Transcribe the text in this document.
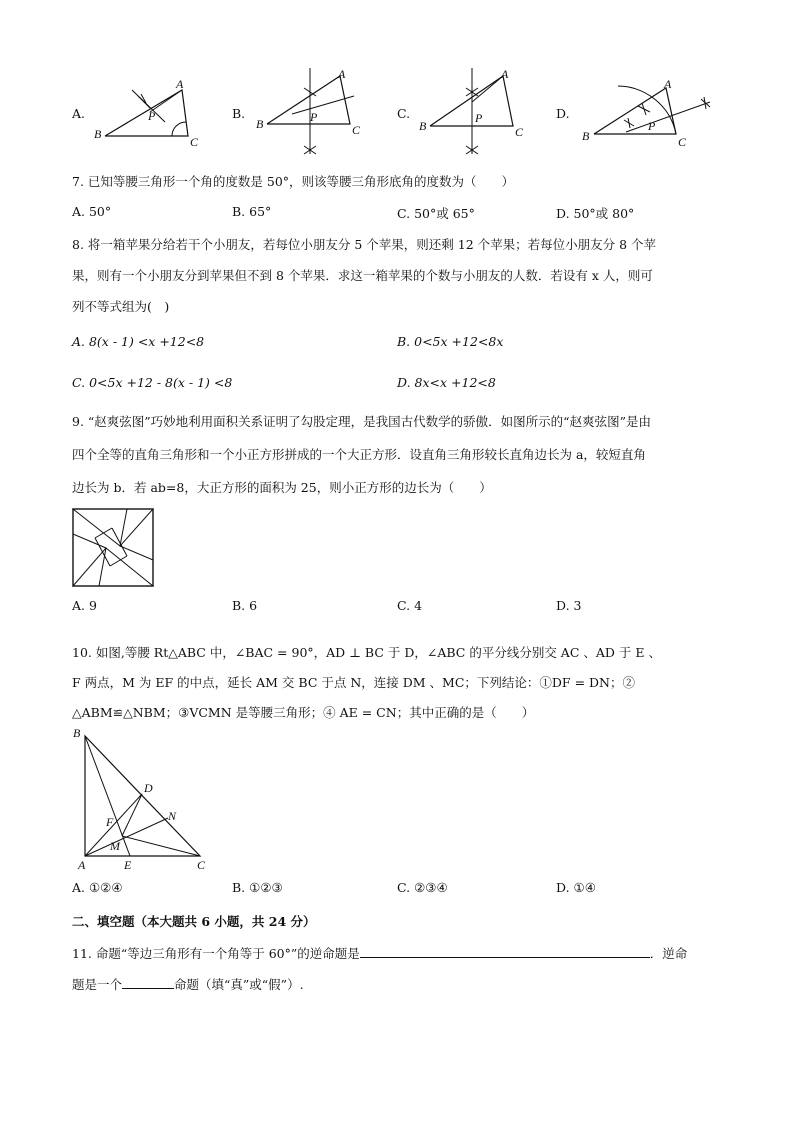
A.
A
B
C
P	B.
A
B	C
P	C.
A
B	C
P	D.
A
B	C
P
7. 已知等腰三角形一个角的度数是 50°，则该等腰三角形底角的度数为（　　）
A. 50°	B. 65°	C. 50°或 65°	D. 50°或 80°
8. 将一箱苹果分给若干个小朋友，若每位小朋友分 5 个苹果，则还剩 12 个苹果；若每位小朋友分 8 个苹
果，则有一个小朋友分到苹果但不到 8 个苹果．求这一箱苹果的个数与小朋友的人数．若设有 x 人，则可
列不等式组为(　)
A. 8(x - 1) <x +12<8	B. 0<5x +12<8x
C. 0<5x +12 - 8(x - 1) <8	D. 8x<x +12<8
9. “赵爽弦图”巧妙地利用面积关系证明了勾股定理，是我国古代数学的骄傲．如图所示的“赵爽弦图”是由
四个全等的直角三角形和一个小正方形拼成的一个大正方形．设直角三角形较长直角边长为 a，较短直角
边长为 b．若 ab=8，大正方形的面积为 25，则小正方形的边长为（　　）
A. 9	B. 6	C. 4	D. 3
10. 如图,等腰 Rt△ABC 中，∠BAC = 90°，AD ⊥ BC 于 D，∠ABC 的平分线分别交 AC 、AD 于 E 、
F 两点，M 为 EF 的中点，延长 AM 交 BC 于点 N，连接 DM 、MC；下列结论：①DF = DN；②
△ABM≌△NBM；③VCMN 是等腰三角形；④ AE = CN；其中正确的是（　　）
B
D
F	N
M
A	E	C
A. ①②④	B. ①②③	C. ②③④	D. ①④
二、填空题（本大题共 6 小题，共 24 分）
11. 命题“等边三角形有一个角等于 60°”的逆命题是	．逆命
题是一个	命题（填“真”或“假”）.
